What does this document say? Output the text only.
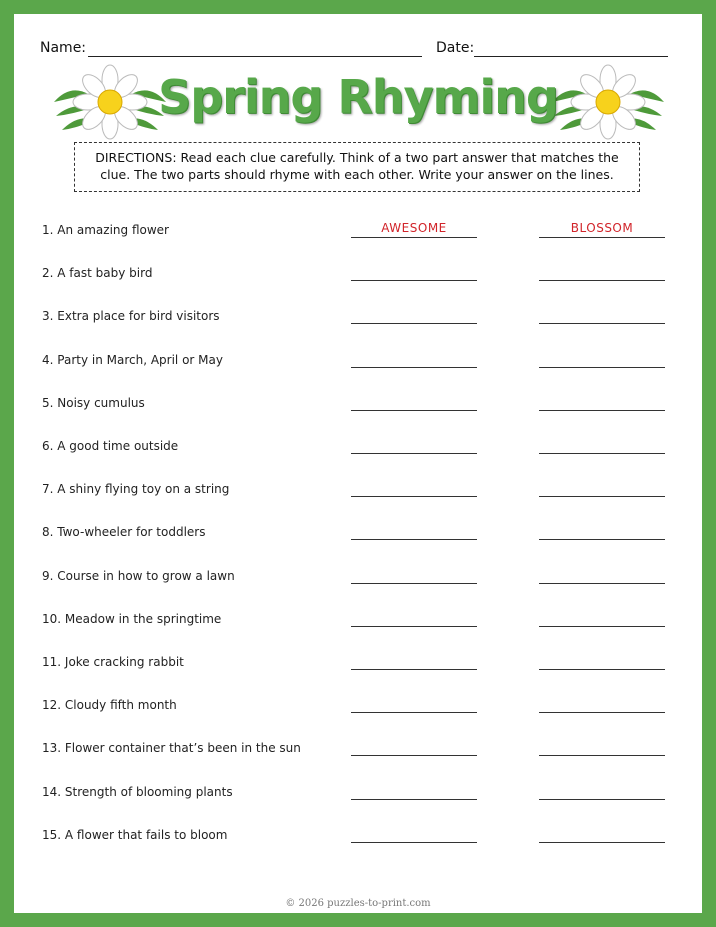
Name:	Date:
Spring Rhyming
DIRECTIONS: Read each clue carefully. Think of a two part answer that matches the clue. The two parts should rhyme with each other. Write your answer on the lines.
1. An amazing flower	AWESOME	BLOSSOM
2. A fast baby bird
3. Extra place for bird visitors
4. Party in March, April or May
5. Noisy cumulus
6. A good time outside
7. A shiny flying toy on a string
8. Two-wheeler for toddlers
9. Course in how to grow a lawn
10. Meadow in the springtime
11. Joke cracking rabbit
12. Cloudy fifth month
13. Flower container that’s been in the sun
14. Strength of blooming plants
15. A flower that fails to bloom
© 2026 puzzles-to-print.com
